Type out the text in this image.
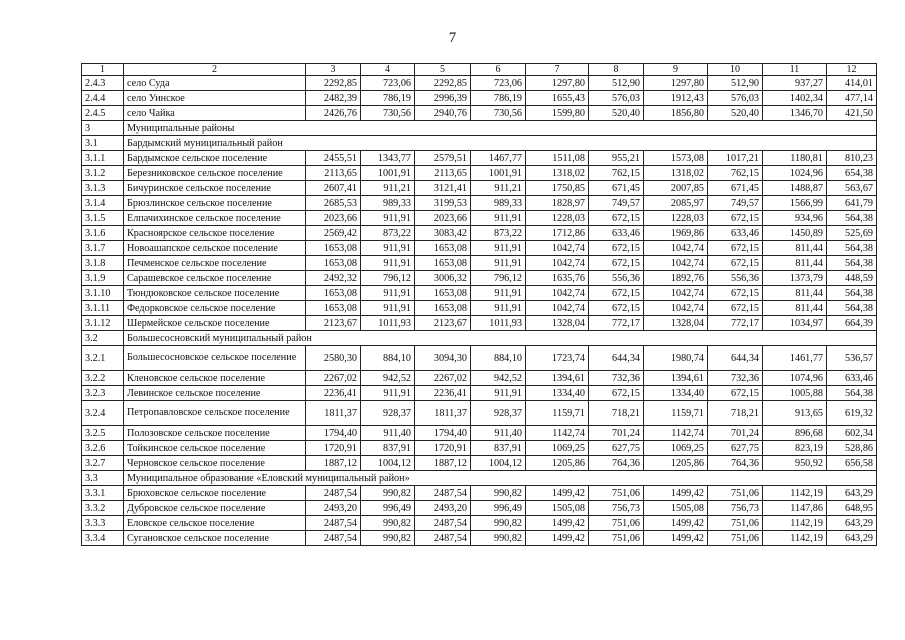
7
1	2	3	4	5	6	7	8	9	10	11	12
2.4.3	село Суда	2292,85	723,06	2292,85	723,06	1297,80	512,90	1297,80	512,90	937,27	414,01
2.4.4	село Уинское	2482,39	786,19	2996,39	786,19	1655,43	576,03	1912,43	576,03	1402,34	477,14
2.4.5	село Чайка	2426,76	730,56	2940,76	730,56	1599,80	520,40	1856,80	520,40	1346,70	421,50
3	Муниципальные районы										
3.1	Бардымский муниципальный район										
3.1.1	Бардымское сельское поселение	2455,51	1343,77	2579,51	1467,77	1511,08	955,21	1573,08	1017,21	1180,81	810,23
3.1.2	Березниковское сельское поселение	2113,65	1001,91	2113,65	1001,91	1318,02	762,15	1318,02	762,15	1024,96	654,38
3.1.3	Бичуринское сельское поселение	2607,41	911,21	3121,41	911,21	1750,85	671,45	2007,85	671,45	1488,87	563,67
3.1.4	Брюзлинское сельское поселение	2685,53	989,33	3199,53	989,33	1828,97	749,57	2085,97	749,57	1566,99	641,79
3.1.5	Елпачихинское сельское поселение	2023,66	911,91	2023,66	911,91	1228,03	672,15	1228,03	672,15	934,96	564,38
3.1.6	Красноярское сельское поселение	2569,42	873,22	3083,42	873,22	1712,86	633,46	1969,86	633,46	1450,89	525,69
3.1.7	Новоашапское сельское поселение	1653,08	911,91	1653,08	911,91	1042,74	672,15	1042,74	672,15	811,44	564,38
3.1.8	Печменское сельское поселение	1653,08	911,91	1653,08	911,91	1042,74	672,15	1042,74	672,15	811,44	564,38
3.1.9	Сарашевское сельское поселение	2492,32	796,12	3006,32	796,12	1635,76	556,36	1892,76	556,36	1373,79	448,59
3.1.10	Тюндюковское сельское поселение	1653,08	911,91	1653,08	911,91	1042,74	672,15	1042,74	672,15	811,44	564,38
3.1.11	Федорковское сельское поселение	1653,08	911,91	1653,08	911,91	1042,74	672,15	1042,74	672,15	811,44	564,38
3.1.12	Шермейское сельское поселение	2123,67	1011,93	2123,67	1011,93	1328,04	772,17	1328,04	772,17	1034,97	664,39
3.2	Большесосновский муниципальный район										
3.2.1	Большесосновское сельское поселение	2580,30	884,10	3094,30	884,10	1723,74	644,34	1980,74	644,34	1461,77	536,57
3.2.2	Кленовское сельское поселение	2267,02	942,52	2267,02	942,52	1394,61	732,36	1394,61	732,36	1074,96	633,46
3.2.3	Левинское сельское поселение	2236,41	911,91	2236,41	911,91	1334,40	672,15	1334,40	672,15	1005,88	564,38
3.2.4	Петропавловское сельское поселение	1811,37	928,37	1811,37	928,37	1159,71	718,21	1159,71	718,21	913,65	619,32
3.2.5	Полозовское сельское поселение	1794,40	911,40	1794,40	911,40	1142,74	701,24	1142,74	701,24	896,68	602,34
3.2.6	Тойкинское сельское поселение	1720,91	837,91	1720,91	837,91	1069,25	627,75	1069,25	627,75	823,19	528,86
3.2.7	Черновское сельское поселение	1887,12	1004,12	1887,12	1004,12	1205,86	764,36	1205,86	764,36	950,92	656,58
3.3	Муниципальное образование «Еловский муниципальный район»										
3.3.1	Брюховское сельское поселение	2487,54	990,82	2487,54	990,82	1499,42	751,06	1499,42	751,06	1142,19	643,29
3.3.2	Дубровское сельское поселение	2493,20	996,49	2493,20	996,49	1505,08	756,73	1505,08	756,73	1147,86	648,95
3.3.3	Еловское сельское поселение	2487,54	990,82	2487,54	990,82	1499,42	751,06	1499,42	751,06	1142,19	643,29
3.3.4	Сугановское сельское поселение	2487,54	990,82	2487,54	990,82	1499,42	751,06	1499,42	751,06	1142,19	643,29
